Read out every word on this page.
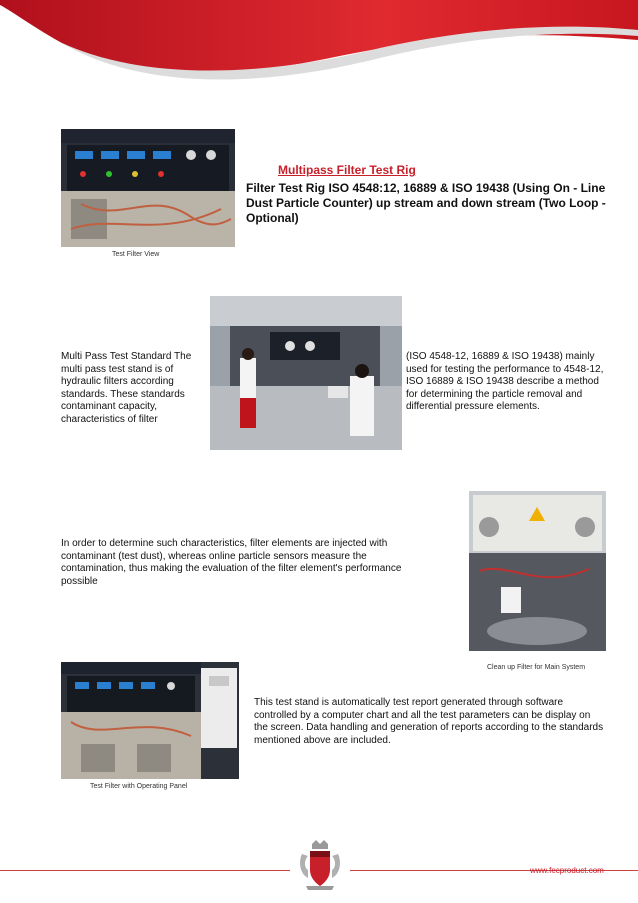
Test Filter View
Multipass Filter Test Rig
Filter Test Rig ISO 4548:12, 16889 & ISO 19438 (Using On - Line Dust Particle Counter) up stream and down stream (Two Loop - Optional)
Multi Pass Test Standard The multi pass test stand is of hydraulic filters according standards. These standards contaminant capacity, characteristics of filter
(ISO 4548-12, 16889 & ISO 19438) mainly used for testing the performance to 4548-12, ISO 16889 & ISO 19438 describe a method for determining the particle removal and differential pressure elements.
In order to determine such characteristics, filter elements are injected with contaminant (test dust), whereas online particle sensors measure the contamination, thus making the evaluation of the filter element's performance possible
Clean up Filter for Main System
Test Filter with Operating Panel
This test stand is automatically test report generated through software controlled by a computer chart and all the test parameters can be display on the screen. Data handling and generation of reports according to the standards mentioned above are included.
www.fecproduct.com
